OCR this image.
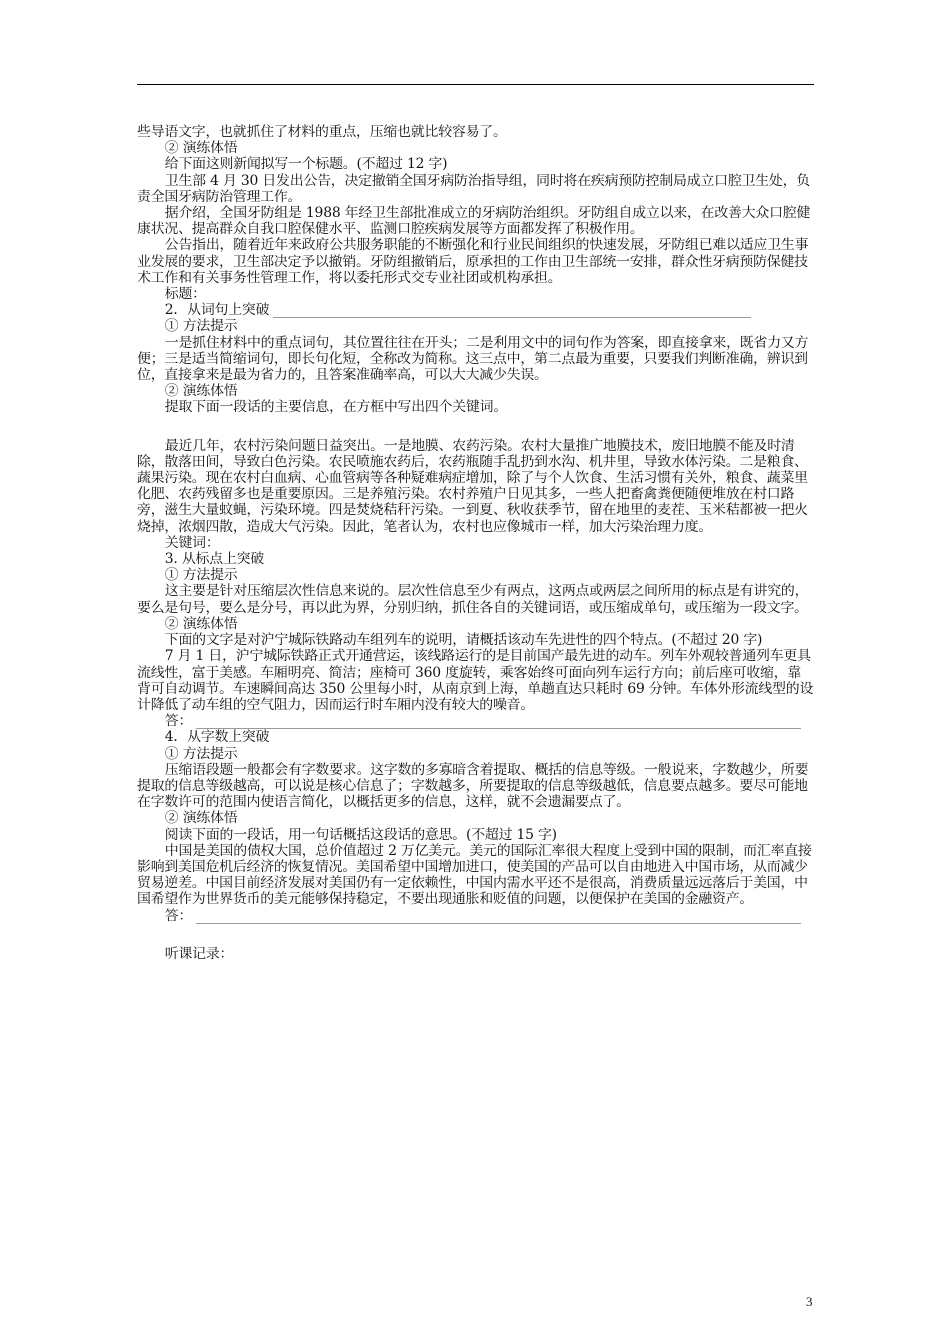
些导语文字，也就抓住了材料的重点，压缩也就比较容易了。

② 演练体悟

给下面这则新闻拟写一个标题。(不超过 12 字)

卫生部 4 月 30 日发出公告，决定撤销全国牙病防治指导组，同时将在疾病预防控制局成立口腔卫生处，负责全国牙病防治管理工作。

据介绍，全国牙防组是 1988 年经卫生部批准成立的牙病防治组织。牙防组自成立以来，在改善大众口腔健康状况、提高群众自我口腔保健水平、监测口腔疾病发展等方面都发挥了积极作用。

公告指出，随着近年来政府公共服务职能的不断强化和行业民间组织的快速发展，牙防组已难以适应卫生事业发展的要求，卫生部决定予以撤销。牙防组撤销后，原承担的工作由卫生部统一安排，群众性牙病预防保健技术工作和有关事务性管理工作，将以委托形式交专业社团或机构承担。

标题：

2．从词句上突破

① 方法提示

一是抓住材料中的重点词句，其位置往往在开头；二是利用文中的词句作为答案，即直接拿来，既省力又方便；三是适当简缩词句，即长句化短，全称改为简称。这三点中，第二点最为重要，只要我们判断准确，辨识到位，直接拿来是最为省力的，且答案准确率高，可以大大减少失误。

② 演练体悟

提取下面一段话的主要信息，在方框中写出四个关键词。

最近几年，农村污染问题日益突出。一是地膜、农药污染。农村大量推广地膜技术，废旧地膜不能及时清除，散落田间，导致白色污染。农民喷施农药后，农药瓶随手乱扔到水沟、机井里，导致水体污染。二是粮食、蔬果污染。现在农村白血病、心血管病等各种疑难病症增加，除了与个人饮食、生活习惯有关外，粮食、蔬菜里化肥、农药残留多也是重要原因。三是养殖污染。农村养殖户日见其多，一些人把畜禽粪便随便堆放在村口路旁，滋生大量蚊蝇，污染环境。四是焚烧秸秆污染。一到夏、秋收获季节，留在地里的麦茬、玉米秸都被一把火烧掉，浓烟四散，造成大气污染。因此，笔者认为，农村也应像城市一样，加大污染治理力度。

关键词：

3. 从标点上突破

① 方法提示

这主要是针对压缩层次性信息来说的。层次性信息至少有两点，这两点或两层之间所用的标点是有讲究的，要么是句号，要么是分号，再以此为界，分别归纳，抓住各自的关键词语，或压缩成单句，或压缩为一段文字。

② 演练体悟

下面的文字是对沪宁城际铁路动车组列车的说明，请概括该动车先进性的四个特点。(不超过 20 字)

7 月 1 日，沪宁城际铁路正式开通营运，该线路运行的是目前国产最先进的动车。列车外观较普通列车更具流线性，富于美感。车厢明亮、简洁；座椅可 360 度旋转，乘客始终可面向列车运行方向；前后座可收缩，靠背可自动调节。车速瞬间高达 350 公里每小时，从南京到上海，单趟直达只耗时 69 分钟。车体外形流线型的设计降低了动车组的空气阻力，因而运行时车厢内没有较大的噪音。

答：

4．从字数上突破

① 方法提示

压缩语段题一般都会有字数要求。这字数的多寡暗含着提取、概括的信息等级。一般说来，字数越少，所要提取的信息等级越高，可以说是核心信息了；字数越多，所要提取的信息等级越低，信息要点越多。要尽可能地在字数许可的范围内使语言简化，以概括更多的信息，这样，就不会遗漏要点了。

② 演练体悟

阅读下面的一段话，用一句话概括这段话的意思。(不超过 15 字)

中国是美国的债权大国，总价值超过 2 万亿美元。美元的国际汇率很大程度上受到中国的限制，而汇率直接影响到美国危机后经济的恢复情况。美国希望中国增加进口，使美国的产品可以自由地进入中国市场，从而减少贸易逆差。中国目前经济发展对美国仍有一定依赖性，中国内需水平还不是很高，消费质量远远落后于美国，中国希望作为世界货币的美元能够保持稳定，不要出现通胀和贬值的问题，以便保护在美国的金融资产。

答：

听课记录：

3
